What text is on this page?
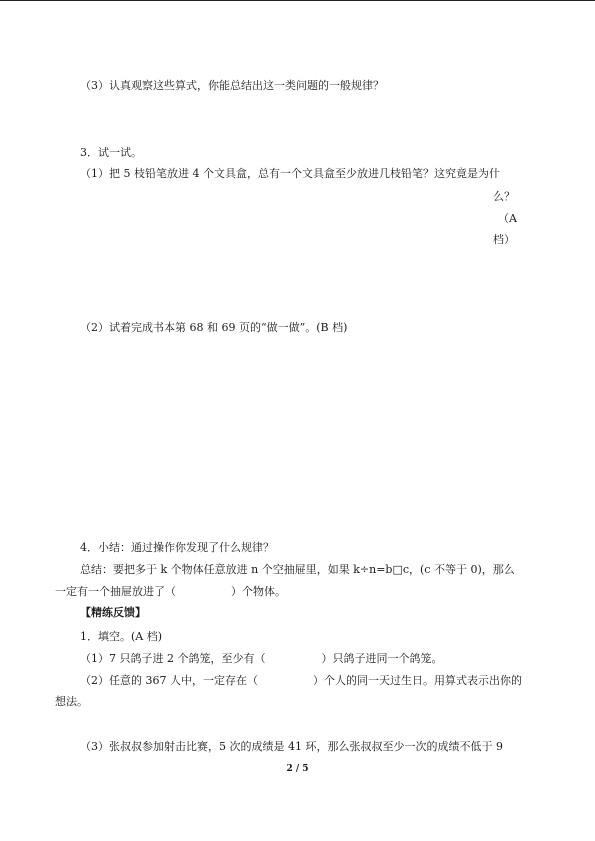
（3）认真观察这些算式，你能总结出这一类问题的一般规律？
3．试一试。
（1）把 5 枝铅笔放进 4 个文具盒，总有一个文具盒至少放进几枝铅笔？这究竟是为什
么？
（A
档）
（2）试着完成书本第 68 和 69 页的“做一做”。(B 档)
4．小结：通过操作你发现了什么规律？
总结：要把多于 k 个物体任意放进 n 个空抽屉里，如果 k÷n=b□c，(c 不等于 0)，那么
一定有一个抽屉放进了（	）个物体。
【精练反馈】
1．填空。(A 档)
（1）7 只鸽子进 2 个鸽笼，至少有（	）只鸽子进同一个鸽笼。
（2）任意的 367 人中，一定存在（	）个人的同一天过生日。用算式表示出你的
想法。
（3）张叔叔参加射击比赛，5 次的成绩是 41 环，那么张叔叔至少一次的成绩不低于 9
2 / 5
